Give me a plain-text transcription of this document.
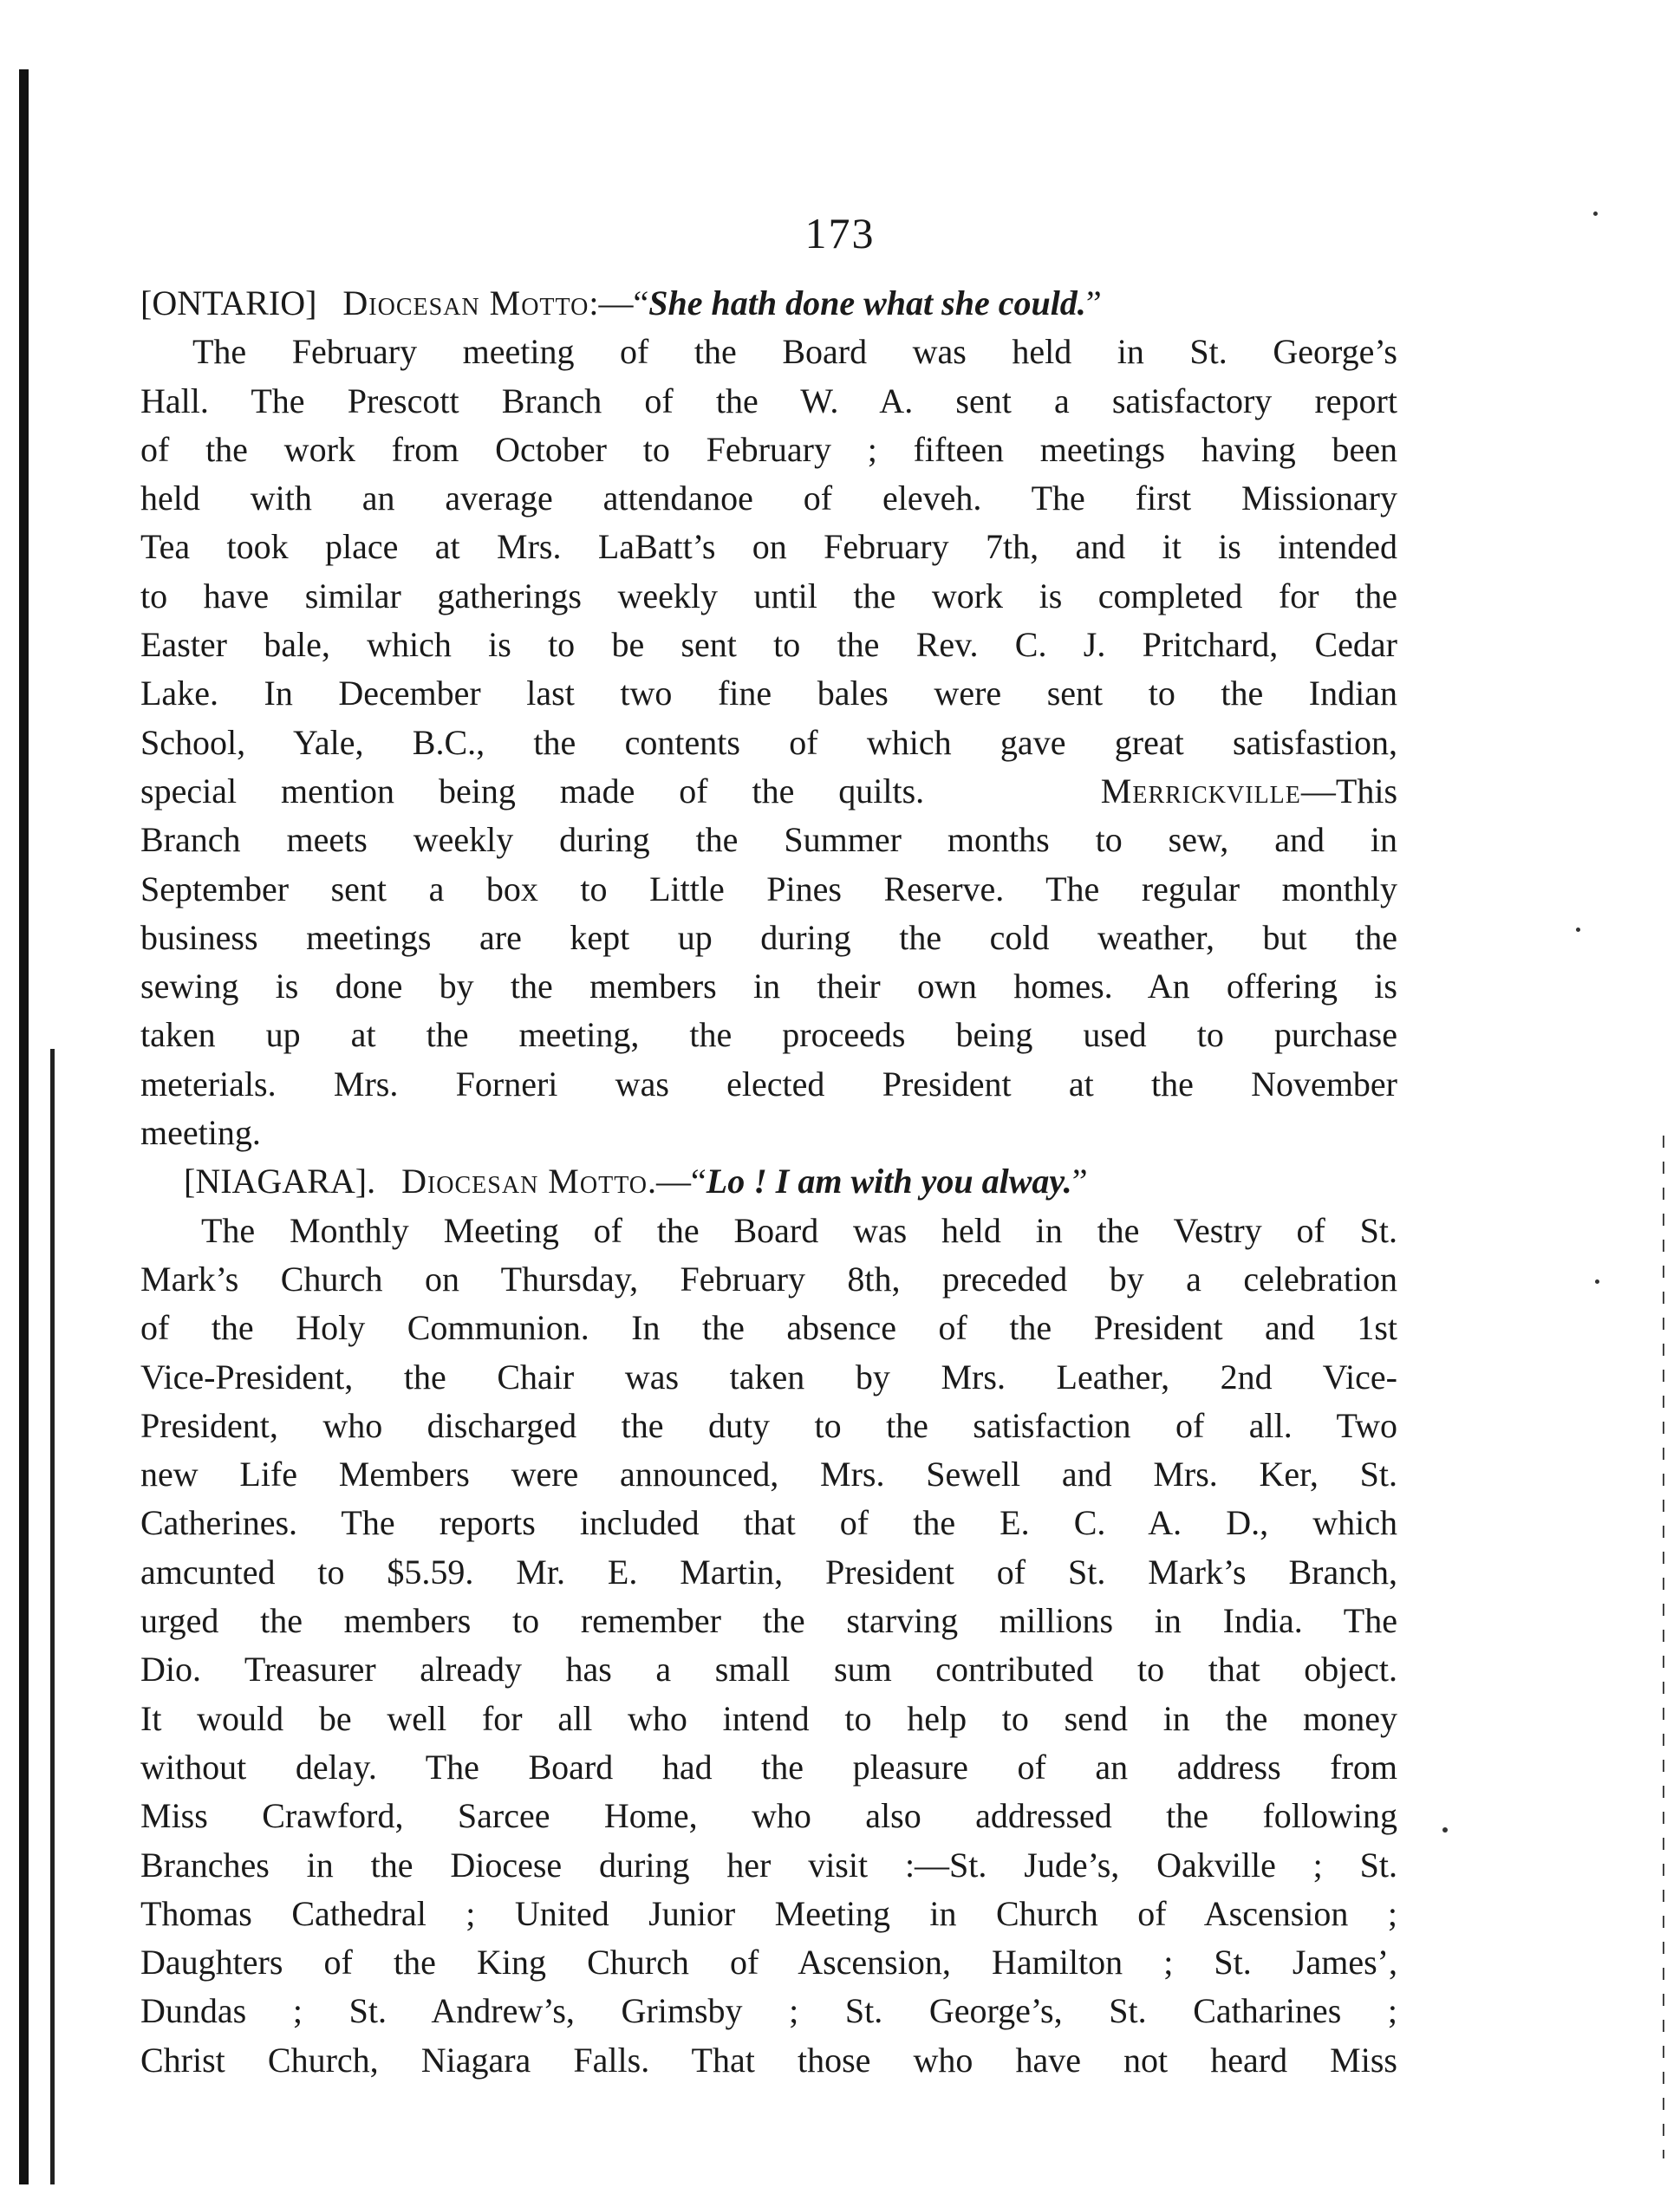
173
[ONTARIO] Diocesan Motto:—“She hath done what she could.”
The February meeting of the Board was held in St. George’s
Hall. The Prescott Branch of the W. A. sent a satisfactory report
of the work from October to February ; fifteen meetings having been
held with an average attendanoe of eleveh. The first Missionary
Tea took place at Mrs. LaBatt’s on February 7th, and it is intended
to have similar gatherings weekly until the work is completed for the
Easter bale, which is to be sent to the Rev. C. J. Pritchard, Cedar
Lake. In December last two fine bales were sent to the Indian
School, Yale, B.C., the contents of which gave great satisfastion,
special mention being made of the quilts.	Merrickville—This
Branch meets weekly during the Summer months to sew, and in
September sent a box to Little Pines Reserve. The regular monthly
business meetings are kept up during the cold weather, but the
sewing is done by the members in their own homes. An offering is
taken up at the meeting, the proceeds being used to purchase
meterials. Mrs. Forneri was elected President at the November
meeting.
[NIAGARA]. Diocesan Motto.—“Lo ! I am with you alway.”
The Monthly Meeting of the Board was held in the Vestry of St.
Mark’s Church on Thursday, February 8th, preceded by a celebration
of the Holy Communion. In the absence of the President and 1st
Vice-President, the Chair was taken by Mrs. Leather, 2nd Vice-
President, who discharged the duty to the satisfaction of all. Two
new Life Members were announced, Mrs. Sewell and Mrs. Ker, St.
Catherines. The reports included that of the E. C. A. D., which
amcunted to $5.59. Mr. E. Martin, President of St. Mark’s Branch,
urged the members to remember the starving millions in India. The
Dio. Treasurer already has a small sum contributed to that object.
It would be well for all who intend to help to send in the money
without delay. The Board had the pleasure of an address from
Miss Crawford, Sarcee Home, who also addressed the following
Branches in the Diocese during her visit :—St. Jude’s, Oakville ; St.
Thomas Cathedral ; United Junior Meeting in Church of Ascension ;
Daughters of the King Church of Ascension, Hamilton ; St. James’,
Dundas ; St. Andrew’s, Grimsby ; St. George’s, St. Catharines ;
Christ Church, Niagara Falls. That those who have not heard Miss
